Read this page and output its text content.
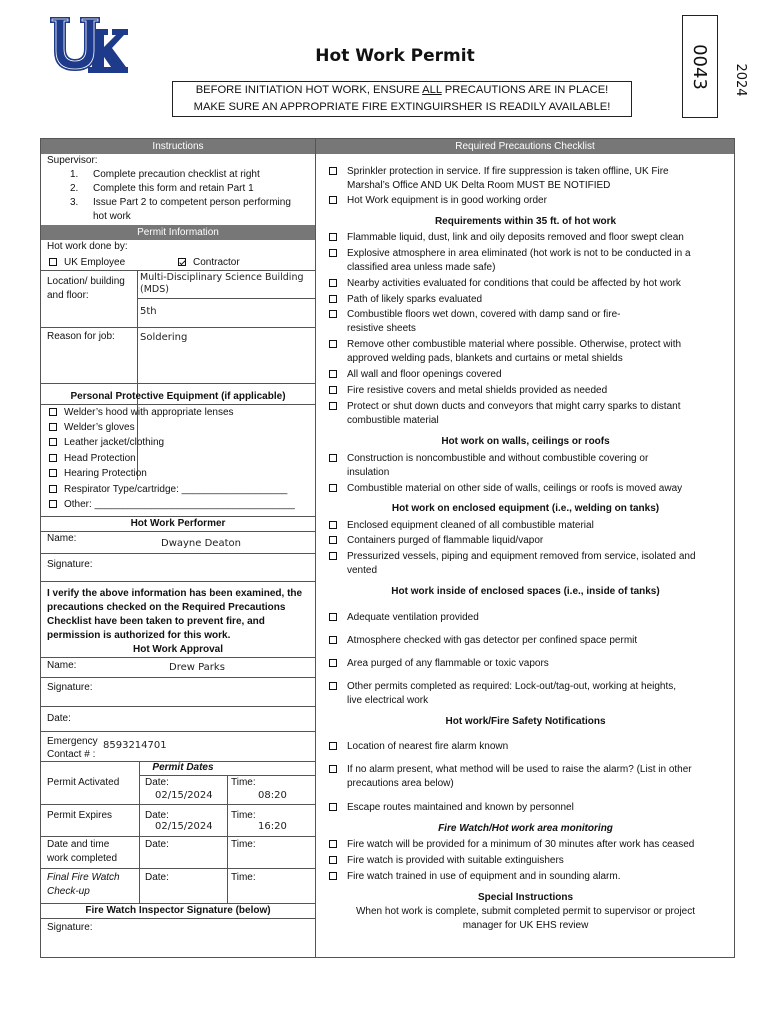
Hot Work Permit
BEFORE INITIATION HOT WORK, ENSURE ALL PRECAUTIONS ARE IN PLACE!
MAKE SURE AN APPROPRIATE FIRE EXTINGUIRSHER IS READILY AVAILABLE!
0043	2024
Instructions
Supervisor:
1. Complete precaution checklist at right
2. Complete this form and retain Part 1
3. Issue Part 2 to competent person performing
hot work
Permit Information
Hot work done by:
UK Employee	Contractor
Location/ building
and floor:
Multi-Disciplinary Science Building
(MDS)
5th
Reason for job:	Soldering
Personal Protective Equipment (if applicable)
Welder’s hood with appropriate lenses
Welder’s gloves
Leather jacket/clothing
Head Protection
Hearing Protection
Respirator Type/cartridge: ___________________
Other: ____________________________________
Hot Work Performer
Name:	Dwayne Deaton
Signature:
I verify the above information has been examined, the
precautions checked on the Required Precautions
Checklist have been taken to prevent fire, and
permission is authorized for this work.
Hot Work Approval
Name:	Drew Parks
Signature:
Date:
Emergency
Contact # :
8593214701
Permit Dates
Permit Activated	Date:	Time:
02/15/2024	08:20
Permit Expires	Date:	Time:
02/15/2024	16:20
Date and time
work completed
Date:	Time:
Final Fire Watch
Check-up
Date:	Time:
Fire Watch Inspector Signature (below)
Signature:
Required Precautions Checklist
Sprinkler protection in service. If fire suppression is taken offline, UK Fire
Marshal’s Office AND UK Delta Room MUST BE NOTIFIED
Hot Work equipment is in good working order
Flammable liquid, dust, link and oily deposits removed and floor swept clean
Explosive atmosphere in area eliminated (hot work is not to be conducted in a
classified area unless made safe)
Nearby activities evaluated for conditions that could be affected by hot work
Path of likely sparks evaluated
Combustible floors wet down, covered with damp sand or fire-
resistive sheets
Remove other combustible material where possible. Otherwise, protect with
approved welding pads, blankets and curtains or metal shields
All wall and floor openings covered
Fire resistive covers and metal shields provided as needed
Protect or shut down ducts and conveyors that might carry sparks to distant
combustible material
Construction is noncombustible and without combustible covering or
insulation
Combustible material on other side of walls, ceilings or roofs is moved away
Enclosed equipment cleaned of all combustible material
Containers purged of flammable liquid/vapor
Pressurized vessels, piping and equipment removed from service, isolated and
vented
Adequate ventilation provided
Atmosphere checked with gas detector per confined space permit
Area purged of any flammable or toxic vapors
Other permits completed as required: Lock-out/tag-out, working at heights,
live electrical work
Location of nearest fire alarm known
If no alarm present, what method will be used to raise the alarm? (List in other
precautions area below)
Escape routes maintained and known by personnel
Fire watch will be provided for a minimum of 30 minutes after work has ceased
Fire watch is provided with suitable extinguishers
Fire watch trained in use of equipment and in sounding alarm.
Requirements within 35 ft. of hot work
Hot work on walls, ceilings or roofs
Hot work on enclosed equipment (i.e., welding on tanks)
Hot work inside of enclosed spaces (i.e., inside of tanks)
Hot work/Fire Safety Notifications
Fire Watch/Hot work area monitoring
Special Instructions
When hot work is complete, submit completed permit to supervisor or project
manager for UK EHS review
